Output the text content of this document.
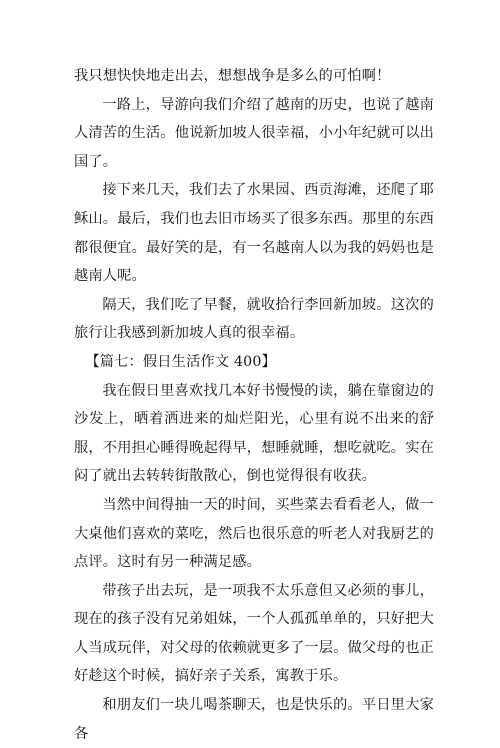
我只想快快地走出去，想想战争是多么的可怕啊！

一路上，导游向我们介绍了越南的历史，也说了越南人清苦的生活。他说新加坡人很幸福，小小年纪就可以出国了。

接下来几天，我们去了水果园、西贡海滩，还爬了耶稣山。最后，我们也去旧市场买了很多东西。那里的东西都很便宜。最好笑的是，有一名越南人以为我的妈妈也是越南人呢。

隔天，我们吃了早餐，就收拾行李回新加坡。这次的旅行让我感到新加坡人真的很幸福。

【篇七：假日生活作文 400】

我在假日里喜欢找几本好书慢慢的读，躺在靠窗边的沙发上，晒着洒进来的灿烂阳光，心里有说不出来的舒服，不用担心睡得晚起得早，想睡就睡，想吃就吃。实在闷了就出去转转街散散心，倒也觉得很有收获。

当然中间得抽一天的时间，买些菜去看看老人，做一大桌他们喜欢的菜吃，然后也很乐意的听老人对我厨艺的点评。这时有另一种满足感。

带孩子出去玩，是一项我不太乐意但又必须的事儿，现在的孩子没有兄弟姐妹，一个人孤孤单单的，只好把大人当成玩伴，对父母的依赖就更多了一层。做父母的也正好趁这个时候，搞好亲子关系，寓教于乐。

和朋友们一块儿喝茶聊天，也是快乐的。平日里大家各
